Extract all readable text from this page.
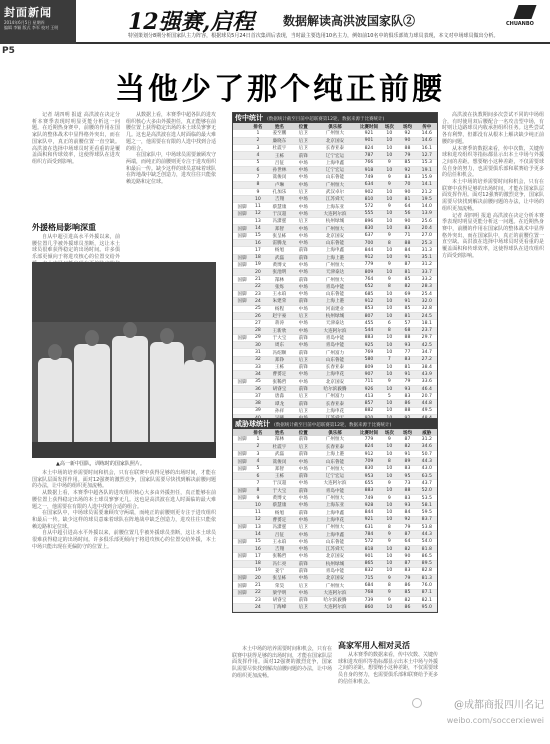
封面新闻
2014年6月5日 星期四
编辑 李颖 版式 李军 校对 王明	12强赛,启程 数据解读高洪波国家队②
特别策划分8期分析国家队主力阵容，根据球员5月24日首次集训后表现，当时最主要选用10名主力，例如前10名中的俱乐部效力球员表现，本文对中场球员做出分析。
CHUANBO
P5
当他少了那个纯正前腰

记者 胡四明 报道 高洪波在决定分析本赛季表现时明显更能分析这一问题。在近期热身赛中，前腰的作用在国家队的整体战术中显得格外突出，而在国家队中，真正的前腰位置一直空缺。高洪波在选择中场球员时更看重的是覆盖面积和传球效率，这使得球队在进攻组织方面受到影响。

外援格局影响深重

自从中超引进高水平外援以来，前腰位置几乎被外援球员垄断，这让本土球员很难获得稳定的出场时间。许多俱乐部更倾向于将进攻核心的位置交给外

从数据上看，本赛季中超各队的进攻组织核心大多由外援担任，真正能够在前腰位置上获得稳定出场的本土球员寥寥无几。这也是高洪波在选人时面临的最大难题之一，他需要在有限的人选中找到合适的组合。

在国家队中，中场球员需要兼顾攻守两端，而纯正的前腰则更专注于进攻组织和最后一传。缺少这样的球员意味着球队在阵地战中缺乏创造力，进攻往往只能依赖边路和定位球。

本土中场的培养需要时间和机会，只有在联赛中获得足够的出场时间，才能在国家队层面发挥作用。面对12强赛的激烈竞争，国家队需要尽快找到解决前腰问题的办法，让中场的组织更加流畅。

从数据上看，本赛季中超各队的进攻组织核心大多由外援担任，真正能够在前腰位置上获得稳定出场的本土球员寥寥无几。这也是高洪波在选人时面临的最大难题之一，他需要在有限的人选中找到合适的组合。

在国家队中，中场球员需要兼顾攻守两端，而纯正的前腰则更专注于进攻组织和最后一传。缺少这样的球员意味着球队在阵地战中缺乏创造力，进攻往往只能依赖边路和定位球。

自从中超引进高水平外援以来，前腰位置几乎被外援球员垄断，这让本土球员很难获得稳定的出场时间。许多俱乐部更倾向于将进攻核心的位置交给外援，本土中场只能出现在更偏防守的位置上。

高洪波在执教期间多次尝试不同的中场组合，有时使用双后腰配合一名攻击型中场，有时则让边路球员内收承担组织任务。这些尝试各有利弊，但都没有从根本上解决缺少纯正前腰的问题。

从本赛季的数据来看，传中次数、关键传球和进攻组织等指标都显示出本土中场与外援之间的差距。想要缩小这种差距，不仅需要球员自身的努力，也需要俱乐部和联赛给予更多的信任和机会。

本土中场的培养需要时间和机会，只有在联赛中获得足够的出场时间，才能在国家队层面发挥作用。面对12强赛的激烈竞争，国家队需要尽快找到解决前腰问题的办法，让中场的组织更加流畅。

记者 胡四明 报道 高洪波在决定分析本赛季表现时明显更能分析这一问题。在近期热身赛中，前腰的作用在国家队的整体战术中显得格外突出，而在国家队中，真正的前腰位置一直空缺。高洪波在选择中场球员时更看重的是覆盖面积和传球效率，这使得球队在进攻组织方面受到影响。

本土中场的培养需要时间和机会，只有在联赛中获得足够的出场时间，才能在国家队层面发挥作用。面对12强赛的激烈竞争，国家队需要尽快找到解决前腰问题的办法，让中场的组织更加流畅。

高家军用人相对灵活

从本赛季的数据来看，传中次数、关键传球和进攻组织等指标都显示出本土中场与外援之间的差距。想要缩小这种差距，不仅需要球员自身的努力，也需要俱乐部和联赛给予更多的信任和机会。

▲高一新中国队，训练时的国家队照片。
传中统计 (数据统计截至目前中超联赛第12轮，数据来源于比赛统计)
	排名	姓名	位置	俱乐部	比赛时间	场次	场均	传中
	1	姜至鹏	后卫	广州恒大	921	10	92	14.6
	2	廉晓东	后卫	北京国安	901	10	90	14.6
	3	杜震宇	后卫	长春亚泰	824	10	88	16.1
	4	王栋	前锋	辽宁宏运	787	10	79	12.7
	5	吕征	中场	上海申鑫	766	9	85	15.3
	6	孙世林	中场	辽宁宏运	918	10	92	19.1
	7	蒿俊闵	中场	山东鲁能	749	9	83	15.9
	8	卢琳	中场	广州恒大	634	9	70	14.1
	9	孔加乐	后卫	武汉卓尔	902	10	90	21.2
	10	吉翔	中场	江苏舜天	810	10	81	19.5
国脚	11	蔡慧康	中场	上海东亚	572	9	64	14.0
国脚	12	于汉超	中场	大连阿尔滨	555	10	56	13.9
	13	冯潇霆	后卫	杭州绿城	896	10	90	25.6
国脚	14	郑智	中场	广州恒大	830	10	83	20.4
国脚	15	张呈栋	中场	北京国安	637	9	71	27.0
	16	雷腾龙	中场	山东鲁能	700	8	88	25.3
	17	杨旭	前锋	上海申鑫	844	10	84	31.3
国脚	18	武磊	前锋	上海上港	912	10	91	35.1
国脚	19	黄博文	中场	广州恒大	779	9	87	31.2
	20	张池明	中场	天津泰达	809	10	81	33.7
国脚	21	郜林	前锋	广州恒大	764	9	85	33.2
	22	张烁	中场	青岛中能	652	8	82	28.3
国脚	23	王永珀	中场	山东鲁能	685	10	69	25.4
国脚	24	朱建荣	前锋	上海上港	912	10	91	32.0
	25	杨程	中场	河南建业	853	10	85	32.8
	26	赵宇豪	后卫	杭州绿城	807	10	81	24.5
	27	蒋涛	中场	天津泰达	455	6	57	18.1
	28	王新欣	中场	大连阿尔滨	544	8	68	23.7
国脚	29	于大宝	前锋	青岛中能	883	10	88	29.7
	30	周东	中场	青岛中能	925	10	93	42.5
	31	冯绍顺	前锋	广州富力	769	10	77	34.7
	32	郑铮	后卫	山东鲁能	580	7	83	27.2
	33	王栋	前锋	长春亚泰	809	10	81	38.4
	34	曹赟定	中场	上海申花	907	10	91	43.9
国脚	35	张稀哲	中场	北京国安	711	9	79	33.6
	36	胡睿宝	前锋	哈尔滨毅腾	926	10	93	46.4
	37	唐淼	后卫	广州富力	413	5	83	20.7
	38	谭龙	前锋	长春亚泰	857	10	86	44.8
	39	孙祥	后卫	上海申花	882	10	88	49.5

威胁球统计 (数据统计截至目前中超联赛第12轮，数据来源于比赛统计)
	排名	姓名	位置	俱乐部	比赛时间	场次	场均	威胁
国脚	1	郜林	前锋	广州恒大	779	9	87	31.2
	2	杜震宇	后卫	长春亚泰	824	10	82	34.6
国脚	3	武磊	前锋	上海上港	912	10	91	50.7
国脚	4	蒿俊闵	中场	山东鲁能	709	8	89	44.3
国脚	5	郑智	中场	广州恒大	830	10	83	43.0
	6	王栋	前锋	辽宁宏运	953	10	95	63.5
	7	于汉超	中场	大连阿尔滨	655	9	73	43.7
国脚	8	于大宝	前锋	青岛中能	883	10	88	52.0
国脚	9	黄博文	中场	广州恒大	749	9	83	53.5
	10	蔡慧康	中场	上海东亚	928	10	93	58.1
	11	杨旭	前锋	上海申鑫	844	10	84	59.5
	12	曹赟定	中场	上海申花	921	10	92	83.7
国脚	13	冯潇霆	后卫	广州恒大	631	8	79	53.8
	14	吕征	中场	上海申鑫	784	9	87	44.3
国脚	15	王永珀	中场	山东鲁能	572	9	64	54.0
	16	吉翔	中场	江苏舜天	818	10	82	81.8
国脚	17	张稀哲	中场	北京国安	901	10	90	86.5
	18	冯仁亮	前锋	杭州绿城	865	10	87	89.5
	19	姜宁	前锋	青岛中能	832	10	83	82.8
国脚	20	张呈栋	中场	北京国安	715	9	79	81.3
国脚	21	荣昊	后卫	广州恒大	684	8	86	76.0
国脚	22	梁学明	中场	大连阿尔滨	768	9	85	87.1
	23	胡睿宝	前锋	哈尔滨毅腾	739	9	82	82.1
	24	丁海峰	后卫	大连阿尔滨	860	10	86	95.0
@成都商报四川名记
weibo.com/soccerxiewei
